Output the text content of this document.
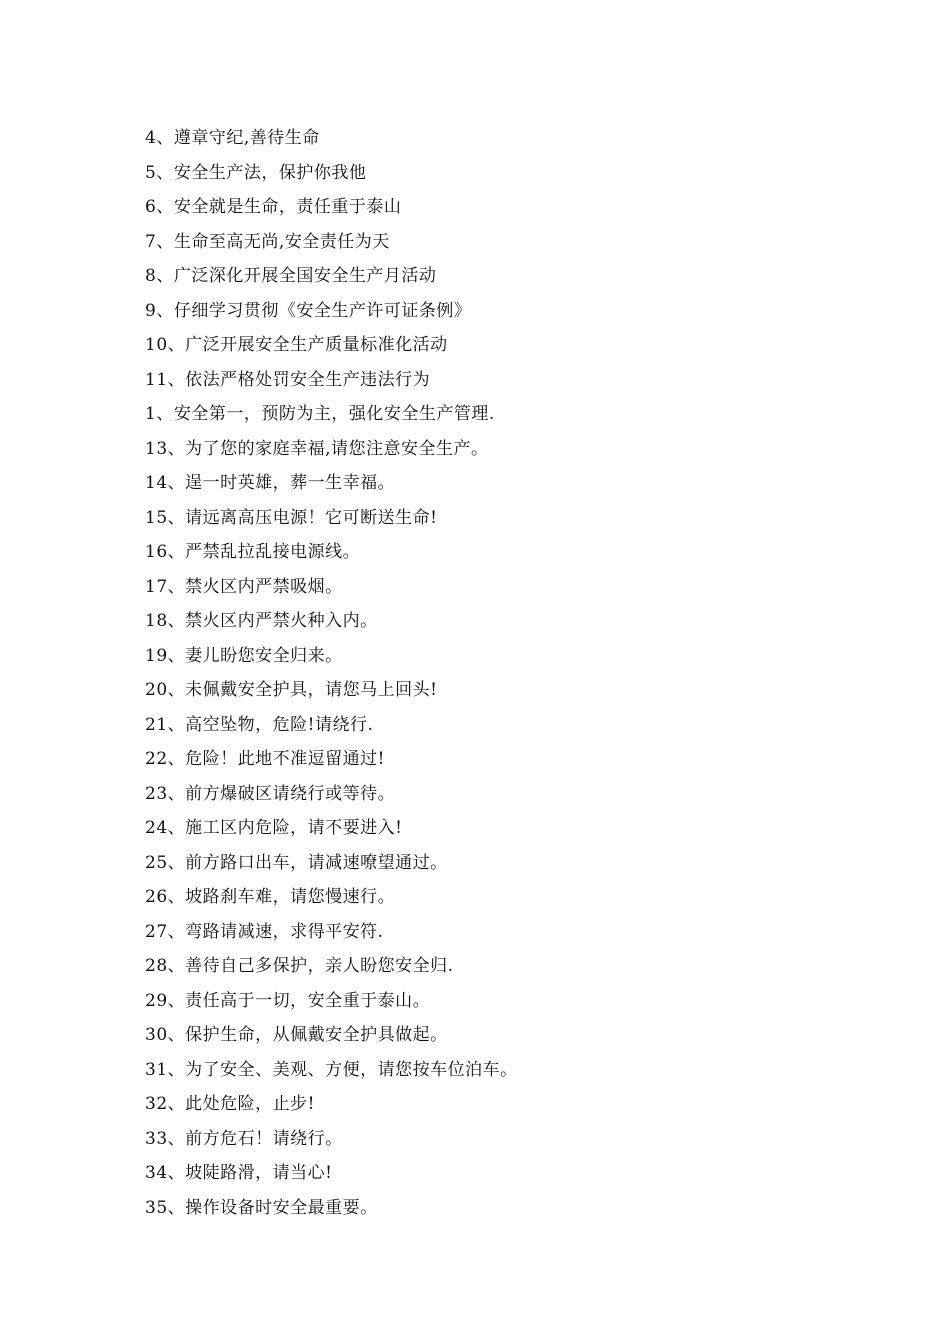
4、遵章守纪,善待生命
5、安全生产法，保护你我他
6、安全就是生命，责任重于泰山
7、生命至高无尚,安全责任为天
8、广泛深化开展全国安全生产月活动
9、仔细学习贯彻《安全生产许可证条例》
10、广泛开展安全生产质量标准化活动
11、依法严格处罚安全生产违法行为
1、安全第一，预防为主，强化安全生产管理.
13、为了您的家庭幸福,请您注意安全生产。
14、逞一时英雄，葬一生幸福。
15、请远离高压电源！它可断送生命!
16、严禁乱拉乱接电源线。
17、禁火区内严禁吸烟。
18、禁火区内严禁火种入内。
19、妻儿盼您安全归来。
20、未佩戴安全护具，请您马上回头!
21、高空坠物，危险!请绕行.
22、危险！此地不准逗留通过!
23、前方爆破区请绕行或等待。
24、施工区内危险，请不要进入!
25、前方路口出车，请减速嘹望通过。
26、坡路刹车难，请您慢速行。
27、弯路请减速，求得平安符.
28、善待自己多保护，亲人盼您安全归.
29、责任高于一切，安全重于泰山。
30、保护生命，从佩戴安全护具做起。
31、为了安全、美观、方便，请您按车位泊车。
32、此处危险，止步!
33、前方危石！请绕行。
34、坡陡路滑，请当心!
35、操作设备时安全最重要。
